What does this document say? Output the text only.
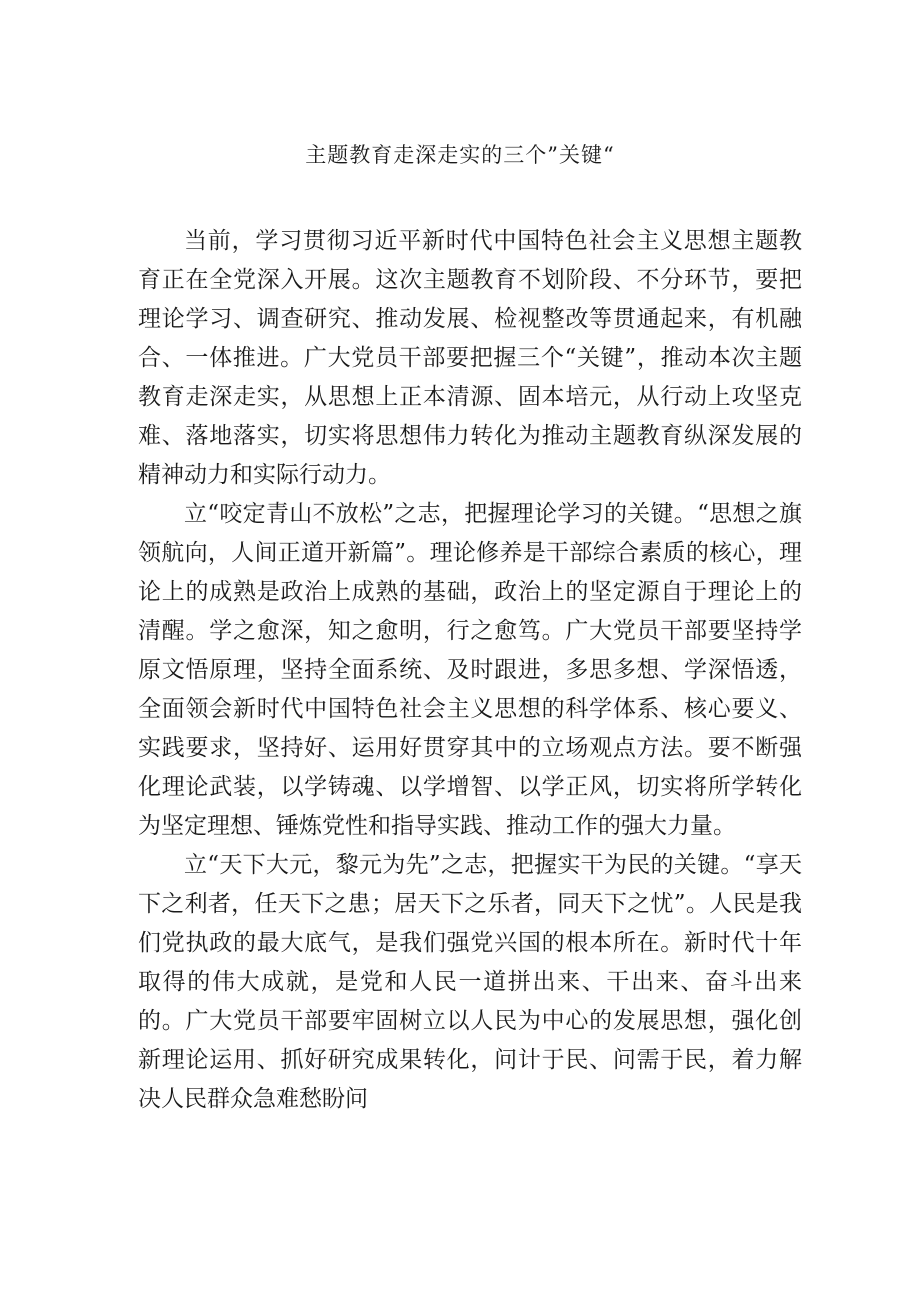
主题教育走深走实的三个”关键“

当前，学习贯彻习近平新时代中国特色社会主义思想主题教育正在全党深入开展。这次主题教育不划阶段、不分环节，要把理论学习、调查研究、推动发展、检视整改等贯通起来，有机融合、一体推进。广大党员干部要把握三个“关键”，推动本次主题教育走深走实，从思想上正本清源、固本培元，从行动上攻坚克难、落地落实，切实将思想伟力转化为推动主题教育纵深发展的精神动力和实际行动力。

立“咬定青山不放松”之志，把握理论学习的关键。“思想之旗领航向，人间正道开新篇”。理论修养是干部综合素质的核心，理论上的成熟是政治上成熟的基础，政治上的坚定源自于理论上的清醒。学之愈深，知之愈明，行之愈笃。广大党员干部要坚持学原文悟原理，坚持全面系统、及时跟进，多思多想、学深悟透，全面领会新时代中国特色社会主义思想的科学体系、核心要义、实践要求，坚持好、运用好贯穿其中的立场观点方法。要不断强化理论武装，以学铸魂、以学增智、以学正风，切实将所学转化为坚定理想、锤炼党性和指导实践、推动工作的强大力量。

立“天下大元，黎元为先”之志，把握实干为民的关键。“享天下之利者，任天下之患；居天下之乐者，同天下之忧”。人民是我们党执政的最大底气，是我们强党兴国的根本所在。新时代十年取得的伟大成就，是党和人民一道拼出来、干出来、奋斗出来的。广大党员干部要牢固树立以人民为中心的发展思想，强化创新理论运用、抓好研究成果转化，问计于民、问需于民，着力解决人民群众急难愁盼问
